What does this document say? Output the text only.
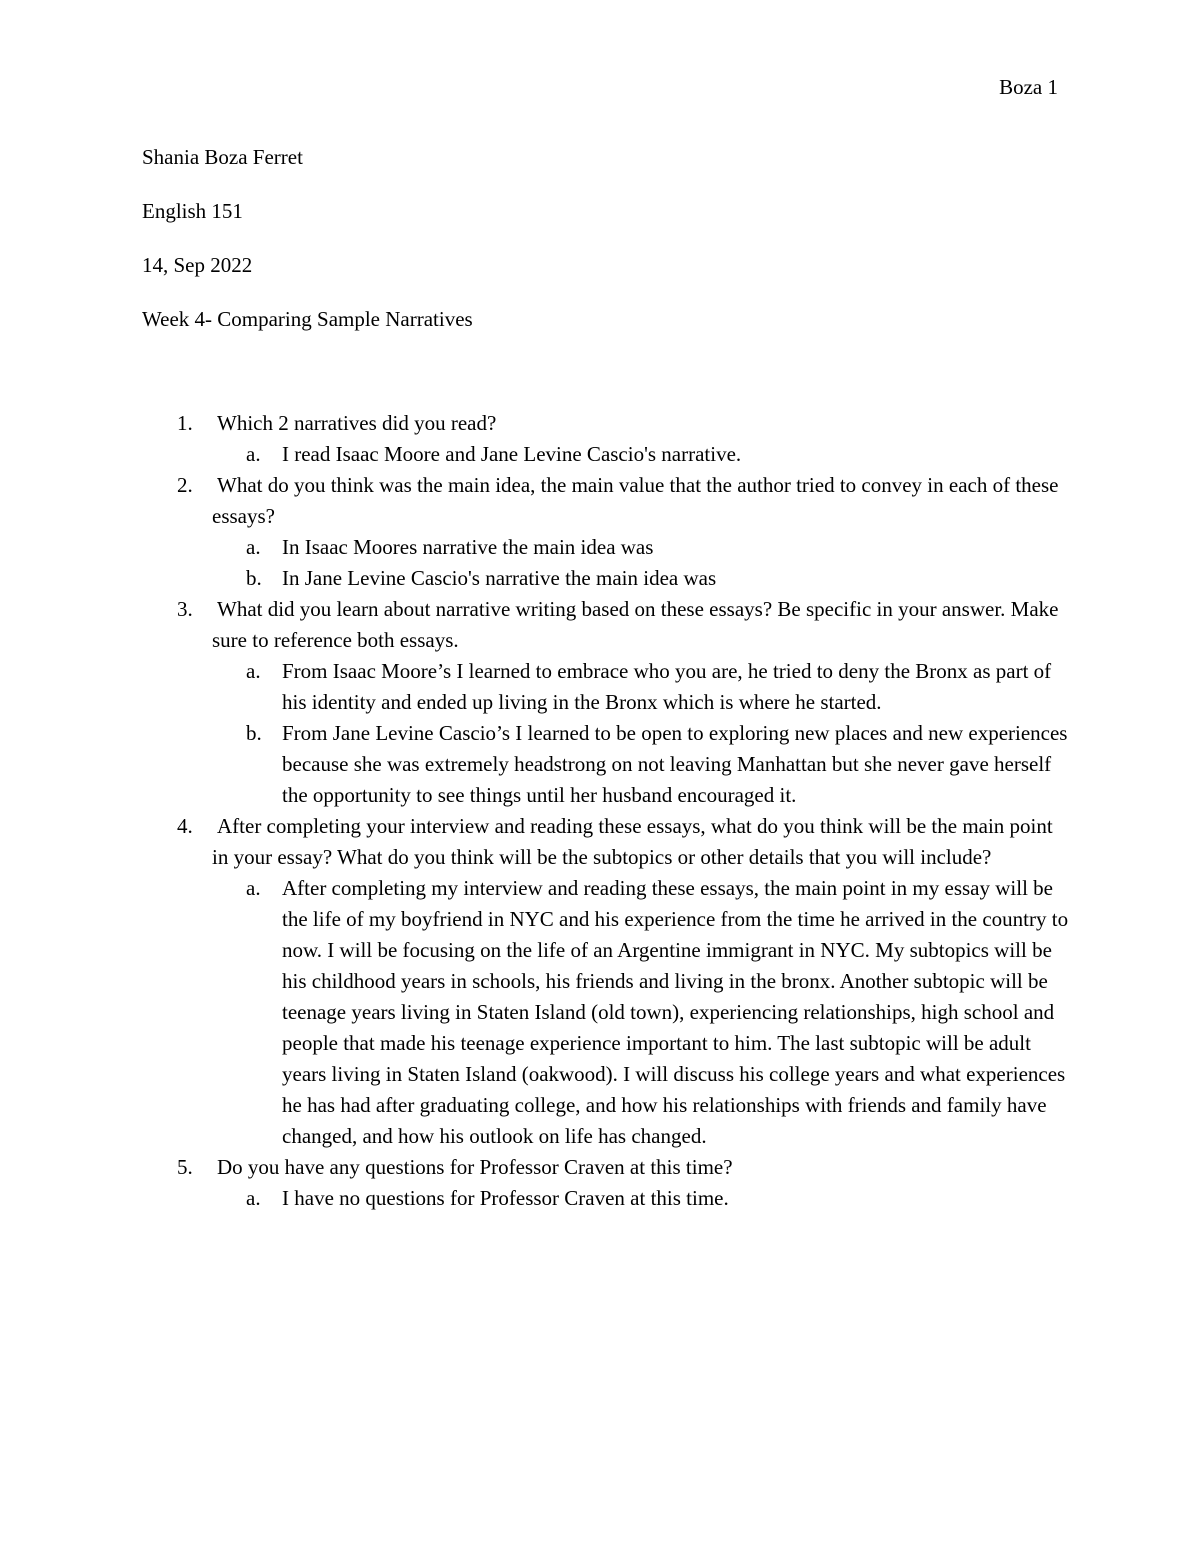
Boza 1
Shania Boza Ferret
English 151
14, Sep 2022
Week 4- Comparing Sample Narratives
1. Which 2 narratives did you read?
a. I read Isaac Moore and Jane Levine Cascio's narrative.
2. What do you think was the main idea, the main value that the author tried to convey in each of these essays?
a. In Isaac Moores narrative the main idea was
b. In Jane Levine Cascio's narrative the main idea was
3. What did you learn about narrative writing based on these essays? Be specific in your answer. Make sure to reference both essays.
a. From Isaac Moore’s I learned to embrace who you are, he tried to deny the Bronx as part of his identity and ended up living in the Bronx which is where he started.
b. From Jane Levine Cascio’s I learned to be open to exploring new places and new experiences because she was extremely headstrong on not leaving Manhattan but she never gave herself the opportunity to see things until her husband encouraged it.
4. After completing your interview and reading these essays, what do you think will be the main point in your essay? What do you think will be the subtopics or other details that you will include?
a. After completing my interview and reading these essays, the main point in my essay will be the life of my boyfriend in NYC and his experience from the time he arrived in the country to now. I will be focusing on the life of an Argentine immigrant in NYC. My subtopics will be his childhood years in schools, his friends and living in the bronx. Another subtopic will be teenage years living in Staten Island (old town), experiencing relationships, high school and people that made his teenage experience important to him. The last subtopic will be adult years living in Staten Island (oakwood). I will discuss his college years and what experiences he has had after graduating college, and how his relationships with friends and family have changed, and how his outlook on life has changed.
5. Do you have any questions for Professor Craven at this time?
a. I have no questions for Professor Craven at this time.
